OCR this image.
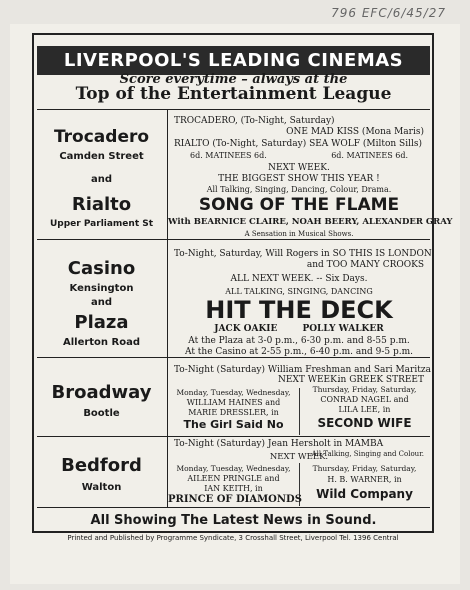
796 EFC/6/45/27
LIVERPOOL'S LEADING CINEMAS
Score everytime – always at the
Top of the Entertainment League
Trocadero
Camden Street
and
Rialto
Upper Parliament St
TROCADERO, (To-Night, Saturday)
ONE MAD KISS (Mona Maris)
RIALTO (To-Night, Saturday) SEA WOLF (Milton Sills)
6d. MATINEES 6d.	6d. MATINEES 6d.
NEXT WEEK.
THE BIGGEST SHOW THIS YEAR !
All Talking, Singing, Dancing, Colour, Drama.
SONG OF THE FLAME
With BEARNICE CLAIRE, NOAH BEERY, ALEXANDER GRAY
A Sensation in Musical Shows.
Casino
Kensington
and
Plaza
Allerton Road
To-Night, Saturday, Will Rogers in SO THIS IS LONDON
and TOO MANY CROOKS
ALL NEXT WEEK. -- Six Days.
ALL TALKING, SINGING, DANCING
HIT THE DECK
JACK OAKIE        POLLY WALKER
At the Plaza at 3-0 p.m., 6-30 p.m. and 8-55 p.m.
At the Casino at 2-55 p.m., 6-40 p.m. and 9-5 p.m.
Broadway
Bootle
To-Night (Saturday) William Freshman and Sari Maritza
NEXT WEEK.
in GREEK STREET
Monday, Tuesday, Wednesday,
WILLIAM HAINES and
MARIE DRESSLER, in
The Girl Said No
Thursday, Friday, Saturday,
CONRAD NAGEL and
LILA LEE, in
SECOND WIFE
Bedford
Walton
To-Night (Saturday) Jean Hersholt in MAMBA
All Talking, Singing and Colour.
NEXT WEEK.
Monday, Tuesday, Wednesday,
AILEEN PRINGLE and
IAN KEITH, in
PRINCE OF DIAMONDS
Thursday, Friday, Saturday,
H. B. WARNER, in
Wild Company
All Showing The Latest News in Sound.
Printed and Published by Programme Syndicate, 3 Crosshall Street, Liverpool Tel. 1396 Central
